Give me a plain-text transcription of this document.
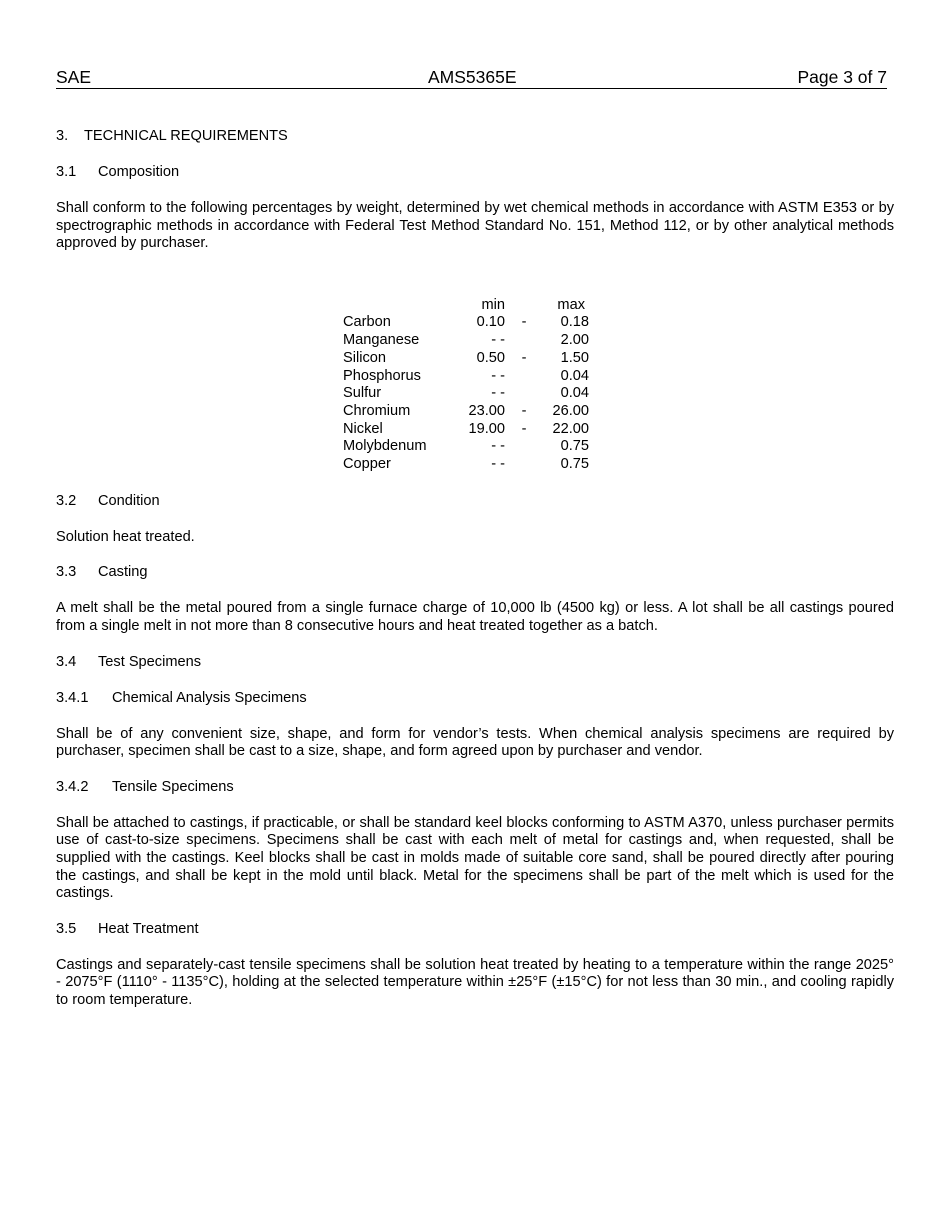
SAE	AMS5365E	Page 3 of 7
3. TECHNICAL REQUIREMENTS
3.1 Composition

Shall conform to the following percentages by weight, determined by wet chemical methods in accordance with ASTM E353 or by spectrographic methods in accordance with Federal Test Method Standard No. 151, Method 112, or by other analytical methods approved by purchaser.

	min		max
Carbon	0.10	-	0.18
Manganese	- -		2.00
Silicon	0.50	-	1.50
Phosphorus	- -		0.04
Sulfur	- -		0.04
Chromium	23.00	-	26.00
Nickel	19.00	-	22.00
Molybdenum	- -		0.75
Copper	- -		0.75
3.2 Condition

Solution heat treated.

3.3 Casting

A melt shall be the metal poured from a single furnace charge of 10,000 lb (4500 kg) or less. A lot shall be all castings poured from a single melt in not more than 8 consecutive hours and heat treated together as a batch.

3.4 Test Specimens
3.4.1 Chemical Analysis Specimens

Shall be of any convenient size, shape, and form for vendor’s tests. When chemical analysis specimens are required by purchaser, specimen shall be cast to a size, shape, and form agreed upon by purchaser and vendor.

3.4.2 Tensile Specimens

Shall be attached to castings, if practicable, or shall be standard keel blocks conforming to ASTM A370, unless purchaser permits use of cast-to-size specimens. Specimens shall be cast with each melt of metal for castings and, when requested, shall be supplied with the castings. Keel blocks shall be cast in molds made of suitable core sand, shall be poured directly after pouring the castings, and shall be kept in the mold until black. Metal for the specimens shall be part of the melt which is used for the castings.

3.5 Heat Treatment

Castings and separately-cast tensile specimens shall be solution heat treated by heating to a temperature within the range 2025° - 2075°F (1110° - 1135°C), holding at the selected temperature within ±25°F (±15°C) for not less than 30 min., and cooling rapidly to room temperature.
